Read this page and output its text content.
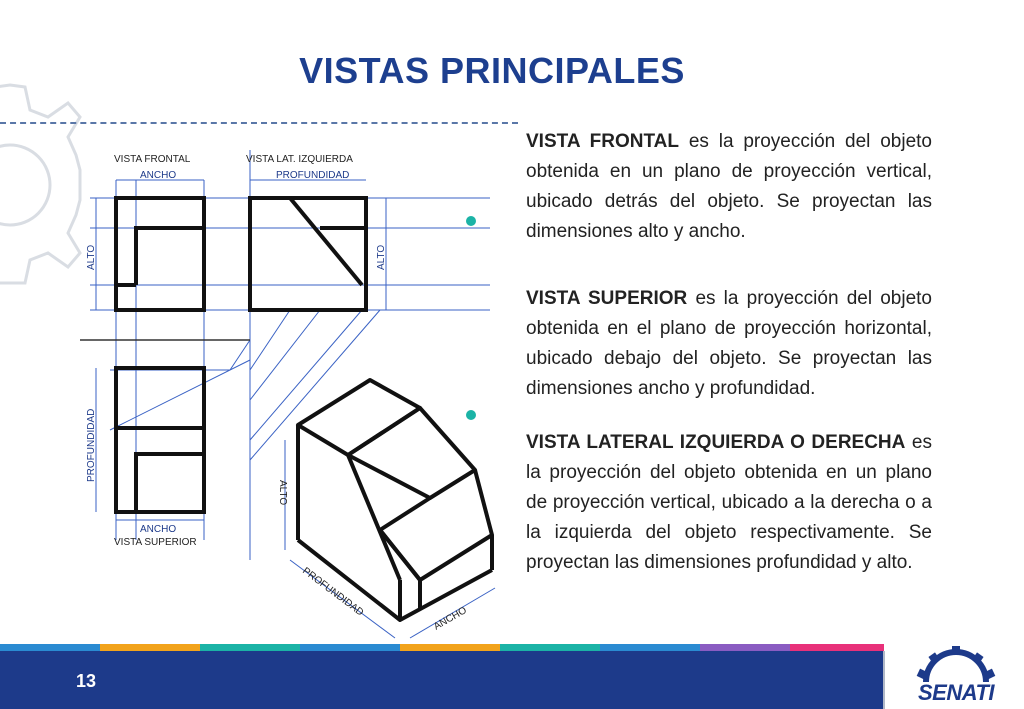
VISTAS PRINCIPALES
VISTA FRONTAL	VISTA LAT. IZQUIERDA
ANCHO	PROFUNDIDAD
ALTO	ALTO
PROFUNDIDAD
ANCHO
VISTA SUPERIOR
ALTO
PROFUNDIDAD
ANCHO
VISTA FRONTAL es la proyección del objeto obtenida en un plano de proyección vertical, ubicado detrás del objeto. Se proyectan las dimensiones alto y ancho.
VISTA SUPERIOR es la proyección del objeto obtenida en el plano de proyección horizontal, ubicado debajo del objeto. Se proyectan las dimensiones ancho y profundidad.
VISTA LATERAL IZQUIERDA O DERECHA es la proyección del objeto obtenida en un plano de proyección vertical, ubicado a la derecha o a la izquierda del objeto respectivamente. Se proyectan las dimensiones profundidad y alto.
13	SENATI
